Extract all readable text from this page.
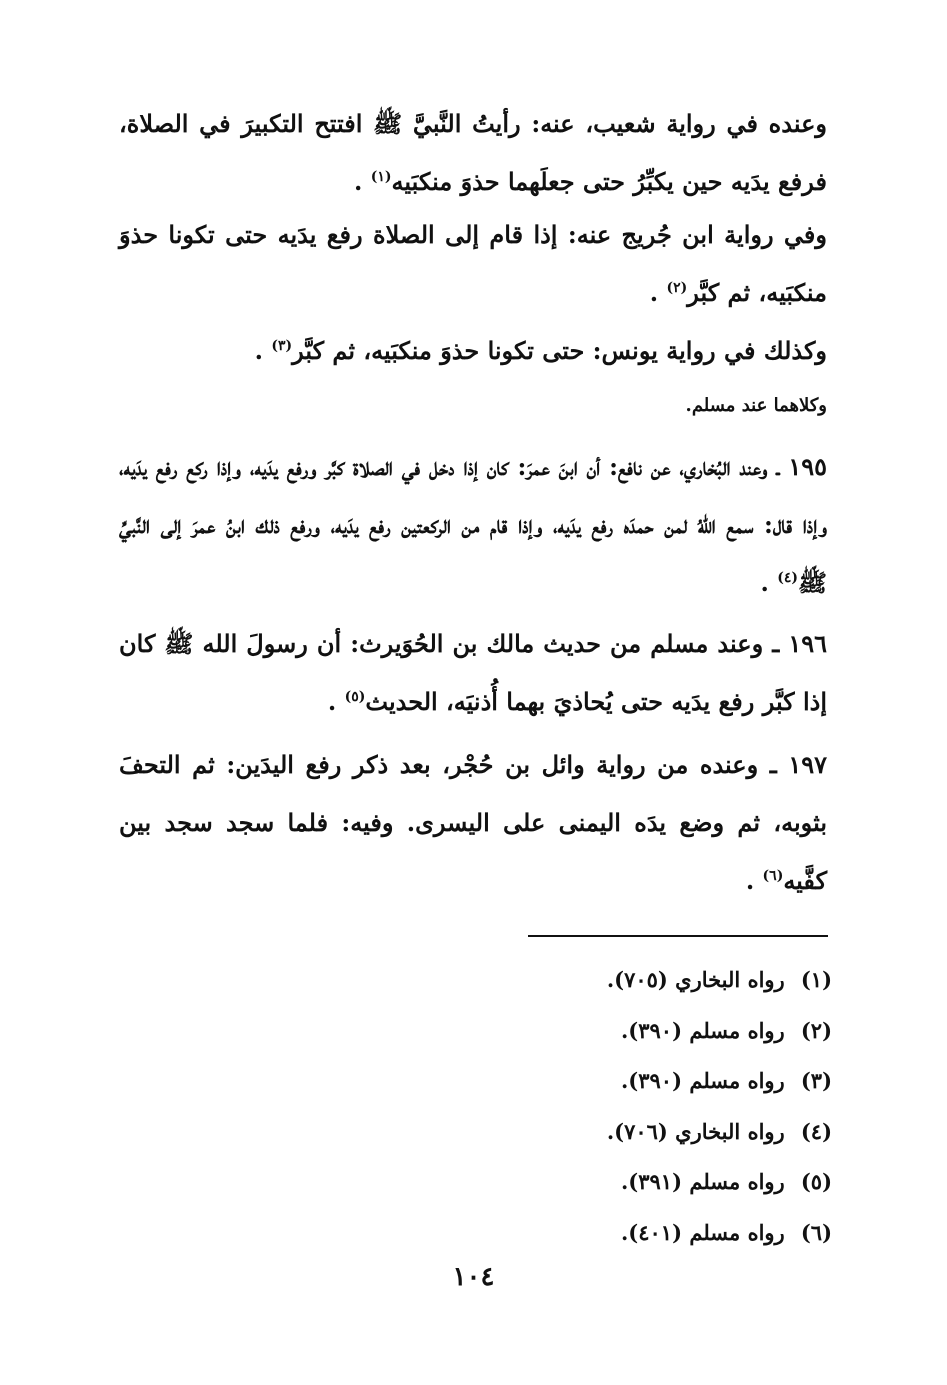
وعنده في رواية شعيب، عنه: رأيتُ النَّبيَّ ﷺ افتتح التكبيرَ في الصلاة، فرفع يدَيه حين يكبِّرُ حتى جعلَهما حذوَ منكبَيه$^{(١)}$ .

وفي رواية ابن جُريج عنه: إذا قام إلى الصلاة رفع يدَيه حتى تكونا حذوَ منكبَيه، ثم كبَّر$^{(٢)}$ .

وكذلك في رواية يونس: حتى تكونا حذوَ منكبَيه، ثم كبَّر$^{(٣)}$ .

وكلاهما عند مسلم.

١٩٥ ـ وعند البُخاري، عن نافع: أن ابنَ عمرَ: كان إذا دخل في الصلاة كبَّر ورفع يدَيه، وإذا ركع رفع يدَيه، وإذا قال: سمع اللهُ لمن حمدَه رفع يدَيه، وإذا قام من الركعتين رفع يدَيه، ورفع ذلك ابنُ عمرَ إلى النَّبيِّ ﷺ$^{(٤)}$ .

١٩٦ ـ وعند مسلم من حديث مالك بن الحُوَيرث: أن رسولَ الله ﷺ كان إذا كبَّر رفع يدَيه حتى يُحاذيَ بهما أُذنيَه، الحديث$^{(٥)}$ .

١٩٧ ـ وعنده من رواية وائل بن حُجْر، بعد ذكر رفع اليدَين: ثم التحفَ بثوبه، ثم وضع يدَه اليمنى على اليسرى. وفيه: فلما سجد سجد بين كفَّيه$^{(٦)}$ .

(١) رواه البخاري (٧٠٥).
(٢) رواه مسلم (٣٩٠).
(٣) رواه مسلم (٣٩٠).
(٤) رواه البخاري (٧٠٦).
(٥) رواه مسلم (٣٩١).
(٦) رواه مسلم (٤٠١).
١٠٤
